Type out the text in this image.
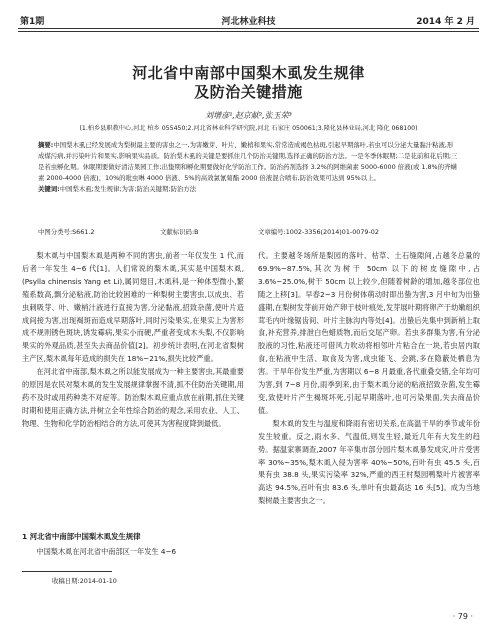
第1期	河北林业科技	2014 年 2 月
河北省中南部中国梨木虱发生规律
及防治关键措施
刘增彦¹,赵京献²,张玉荣³
(1.柏乡县职教中心,河北 柏乡 055450;2.河北省林业科学研究院,河北 石家庄 050061;3.隆化县林业局,河北 隆化 068100)
摘要:中国梨木虱已经发展成为梨树最主要的害虫之一,为害嫩芽、叶片、嫩梢和果实,常常造成褐色枯斑,引起早期落叶,若虫可以分泌大量黏汁粘液,形成煤污病,并污染叶片和果实,影响果实品质。防治梨木虱的关键是要抓住几个防治关键期,选择正确的防治方法。一是冬季休眠期;二是花前和花后期;三是若虫孵化期。休眠期要做好清洁果园工作;出蛰期和孵化期要做好化学防治工作。防治药剂选择 3.2%的阿维菌素 5000-6000 倍液(或 1.8%的齐螨素 2000-4000 倍液)、10%的吡虫啉 4000 倍液、5%的高效氯氰菊酯 2000 倍液混合喷布,防治效果可达到 95%以上。
关键词:中国梨木虱;发生规律;为害;防治关键期;防治方法
中图分类号:S661.2	文献标识码:B	文章编号:1002-3356(2014)01-0079-02
梨木虱与中国梨木虱是两种不同的害虫,前者一年仅发生 1 代,而后者一年发生 4~6 代[1]。人们常说的梨木虱,其实是中国梨木虱,(Psylla chinensis Yang et Li),属同翅目,木虱科,是一种体型微小,繁殖系数高,飘分泌粘液,防治比较困难的一种梨树主要害虫,以成虫、若虫刺吸芽、叶、嫩梢汁液进行直接为害,分泌黏液,招致杂菌,使叶片造成间接为害,出现褐斑而造成早期落叶,同时污染果实,在果实上为害形成不规则锈色斑块,诱发霉病,果实小而硬,严重者变成木头梨,不仅影响果实的外观品质,甚至失去商品价值[2]。初步统计表明,在河北省梨树主产区,梨木虱每年造成的损失在 18%~21%,损失比较严重。
在河北省中南部,梨木虱之所以能发展成为一种主要害虫,其最重要的原因是农民对梨木虱的发生发展规律掌握不清,抓不住防治关键期,用药不及时或用药种类不对症等。防治梨木虱应重点放在前期,抓住关键时期和使用正确方法,并树立全年性综合防治的观念,采用农业、人工、物理、生物和化学防治相结合的方法,可使其为害程度降到最低。
1 河北省中南部中国梨木虱发生规律
中国梨木虱在河北省中南部区一年发生 4~6
代。主要越冬场所是梨园的落叶、枯草、土石缝隙间,占越冬总量的 69.9%~87.5%,其次为树干 50cm 以下的树皮缝隙中,占 3.6%~25.0%,树干 50cm 以上较少,但随着树龄的增加,越冬部位也随之上移[3]。早春2~3 月份树体萌动时即出蛰为害,3 月中旬为出蛰盛期,在梨树发芽前开始产卵于枝叶痕处,发芽展叶期将卵产于幼嫩组织茸毛内叶缘锯齿间、叶片主脉沟内等处[4]。出蛰后先集中到新梢上取食,补充营养,排泄白色蜡质物,而后交尾产卵。若虫多群集为害,有分泌胶液的习性,粘液还可借风力吹动将相邻叶片粘合在一块,若虫居内取食,在粘液中生活、取食及为害,成虫能飞、会跳,多在隐蔽处栖息为害。干旱年份发生严重,为害期以 6~8 月最重,各代重叠交错,全年均可为害,到 7~8 月份,雨季到来,由于梨木虱分泌的粘液招致杂菌,发生霉变,致使叶片产生褐斑坏死,引起早期落叶,也可污染果面,失去商品价值。
梨木虱的发生与温度和降雨有密切关系,在高温干旱的季节或年份发生较重。反之,雨水多、气温低,则发生轻,最近几年有大发生的趋势。据温家寨调查,2007 年辛集市部分园片梨木虱暴发成灾,叶片受害率 30%~35%,梨木虱入侵为害率 40%~50%,百叶有虫 45.5 头,百果有虫 38.8 头,果实污染率 32%,严重的西王村梨园鸭梨叶片被害率高达 94.5%,百叶有虫 83.6 头,单叶有虫最高达 16 头[5]。成为当地梨树最主要害虫之一。
收稿日期:2014-01-10
· 79 ·
